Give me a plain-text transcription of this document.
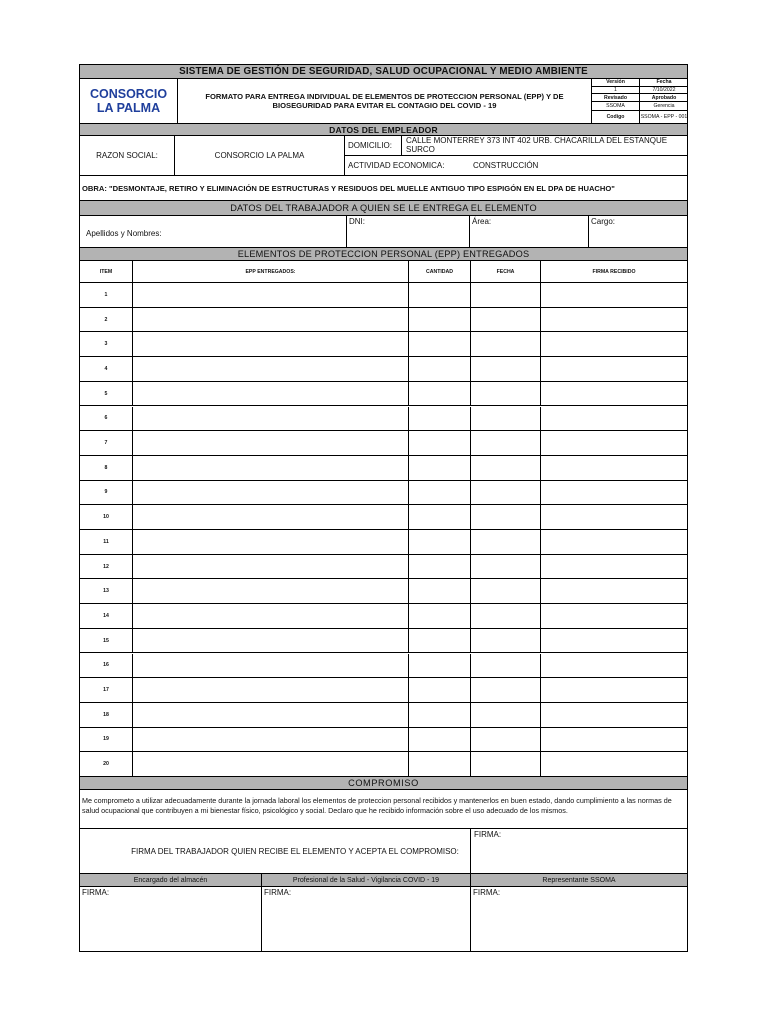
SISTEMA DE GESTIÓN DE SEGURIDAD, SALUD OCUPACIONAL Y MEDIO AMBIENTE
CONSORCIO
LA PALMA
FORMATO PARA ENTREGA INDIVIDUAL DE ELEMENTOS DE PROTECCION PERSONAL (EPP) Y DE BIOSEGURIDAD PARA EVITAR EL CONTAGIO DEL COVID - 19
Versión	Fecha
1	7/10/2022
Revisado	Aprobado
SSOMA	Gerencia
Codigo	SSOMA - EPP - 001
DATOS DEL EMPLEADOR
RAZON SOCIAL:	CONSORCIO LA PALMA
DOMICILIO:
CALLE MONTERREY 373 INT 402 URB. CHACARILLA DEL ESTANQUE SURCO
ACTIVIDAD ECONOMICA:	CONSTRUCCIÓN
OBRA: "DESMONTAJE, RETIRO Y ELIMINACIÓN DE ESTRUCTURAS Y RESIDUOS DEL MUELLE ANTIGUO TIPO ESPIGÓN EN EL DPA DE HUACHO"
DATOS DEL TRABAJADOR A QUIEN SE LE ENTREGA EL ELEMENTO
Apellidos y Nombres:
DNI:	Área:	Cargo:
ELEMENTOS DE PROTECCION PERSONAL (EPP) ENTREGADOS
ITEM	EPP ENTREGADOS:	CANTIDAD	FECHA	FIRMA RECIBIDO
1
2
3
4
5
6
7
8
9
10
11
12
13
14
15
16
17
18
19
20
COMPROMISO
Me comprometo a utilizar adecuadamente durante la jornada laboral los elementos de proteccion personal recibidos y mantenerlos en buen estado, dando cumplimiento a las normas de salud ocupacional que contribuyen a mi bienestar físico, psicológico y social. Declaro que he recibido información sobre el uso adecuado de los mismos.
FIRMA DEL TRABAJADOR QUIEN RECIBE EL ELEMENTO Y ACEPTA EL COMPROMISO:
FIRMA:
Encargado del almacén	Profesional de la Salud - Vigilancia COVID - 19	Representante SSOMA
FIRMA:	FIRMA:	FIRMA:
